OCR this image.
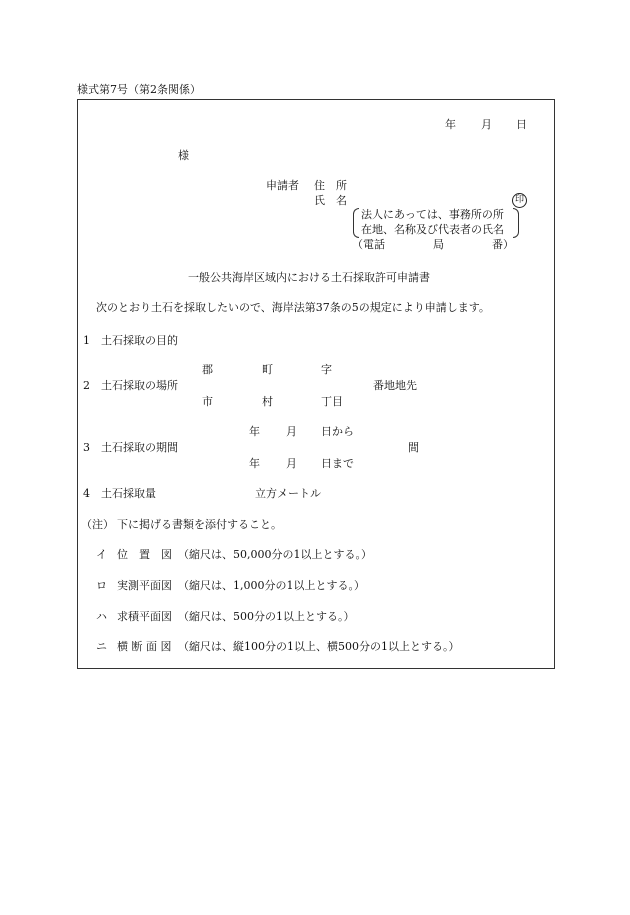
様式第7号（第2条関係）
年 月 日
様
申請者 住　所
氏　名	印
法人にあっては、事務所の所
在地、名称及び代表者の氏名
（電話	局	番）
一般公共海岸区域内における土石採取許可申請書
次のとおり土石を採取したいので、海岸法第37条の5の規定により申請します。
1 土石採取の目的
郡	町	字
2 土石採取の場所	番地地先
市	村	丁目
年 月 日から
3 土石採取の期間	間
年 月 日まで
4 土石採取量	立方メートル
（注） 下に掲げる書類を添付すること。
イ 位　置　図 （縮尺は、50,000分の1以上とする。）
ロ 実測平面図 （縮尺は、1,000分の1以上とする。）
ハ 求積平面図 （縮尺は、500分の1以上とする。）
ニ 横 断 面 図 （縮尺は、縦100分の1以上、横500分の1以上とする。）
